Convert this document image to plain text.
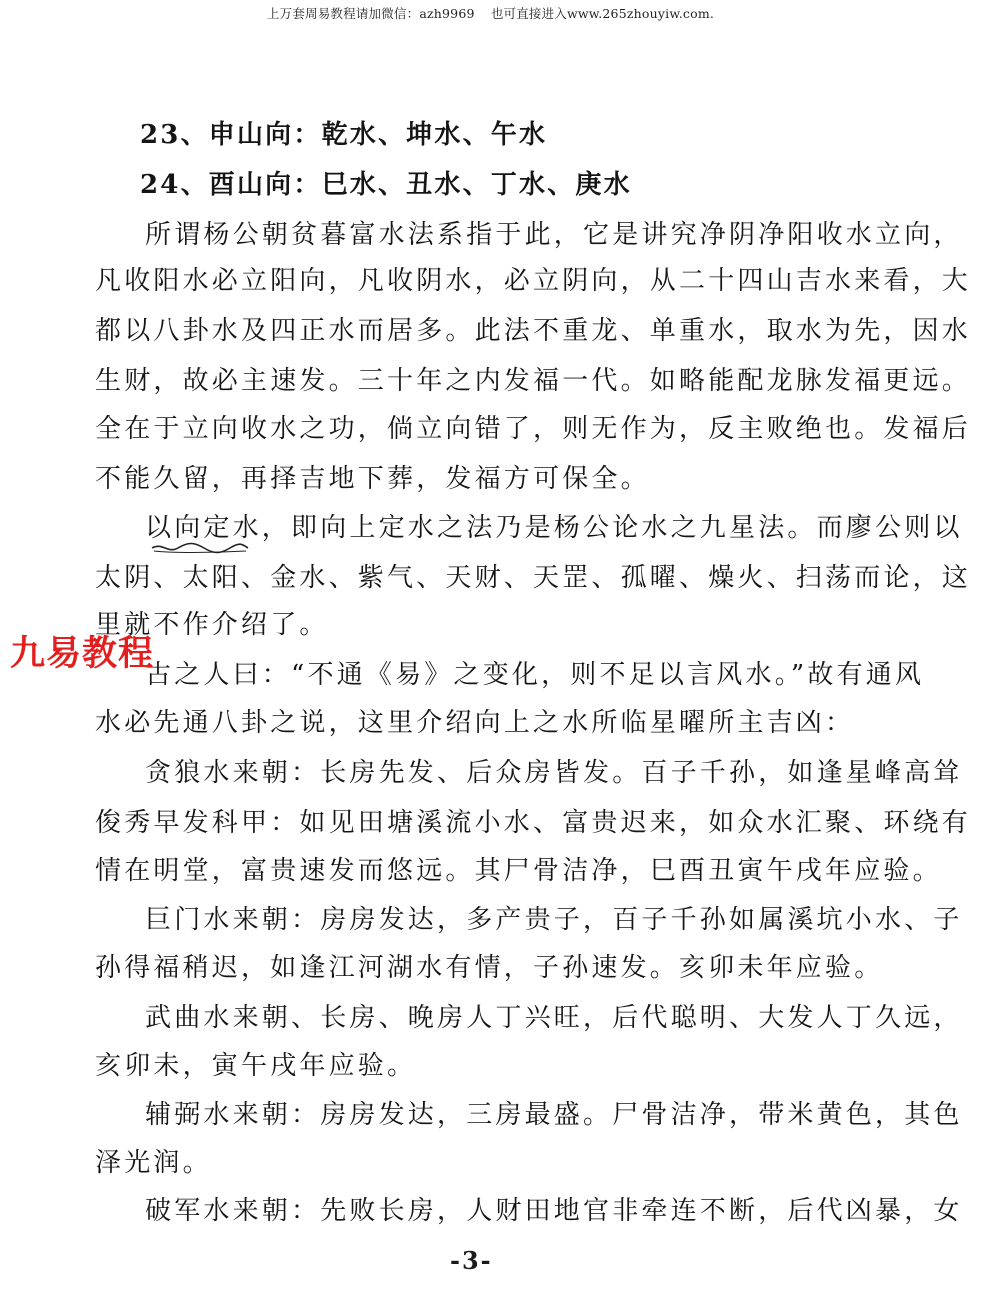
上万套周易教程请加微信：azh9969 也可直接进入www.265zhouyiw.com.
23、申山向：乾水、坤水、午水
24、酉山向：巳水、丑水、丁水、庚水
所谓杨公朝贫暮富水法系指于此，它是讲究净阴净阳收水立向，
凡收阳水必立阳向，凡收阴水，必立阴向，从二十四山吉水来看，大
都以八卦水及四正水而居多。此法不重龙、单重水，取水为先，因水
生财，故必主速发。三十年之内发福一代。如略能配龙脉发福更远。
全在于立向收水之功，倘立向错了，则无作为，反主败绝也。发福后
不能久留，再择吉地下葬，发福方可保全。
以向定水，即向上定水之法乃是杨公论水之九星法。而廖公则以
太阴、太阳、金水、紫气、天财、天罡、孤曜、燥火、扫荡而论，这
里就不作介绍了。
古之人曰：“不通《易》之变化，则不足以言风水。”故有通风
水必先通八卦之说，这里介绍向上之水所临星曜所主吉凶：
贪狼水来朝：长房先发、后众房皆发。百子千孙，如逢星峰高耸
俊秀早发科甲：如见田塘溪流小水、富贵迟来，如众水汇聚、环绕有
情在明堂，富贵速发而悠远。其尸骨洁净，巳酉丑寅午戌年应验。
巨门水来朝：房房发达，多产贵子，百子千孙如属溪坑小水、子
孙得福稍迟，如逢江河湖水有情，子孙速发。亥卯未年应验。
武曲水来朝、长房、晚房人丁兴旺，后代聪明、大发人丁久远，
亥卯未，寅午戌年应验。
辅弼水来朝：房房发达，三房最盛。尸骨洁净，带米黄色，其色
泽光润。
破军水来朝：先败长房，人财田地官非牵连不断，后代凶暴，女
九易教程
-3-
